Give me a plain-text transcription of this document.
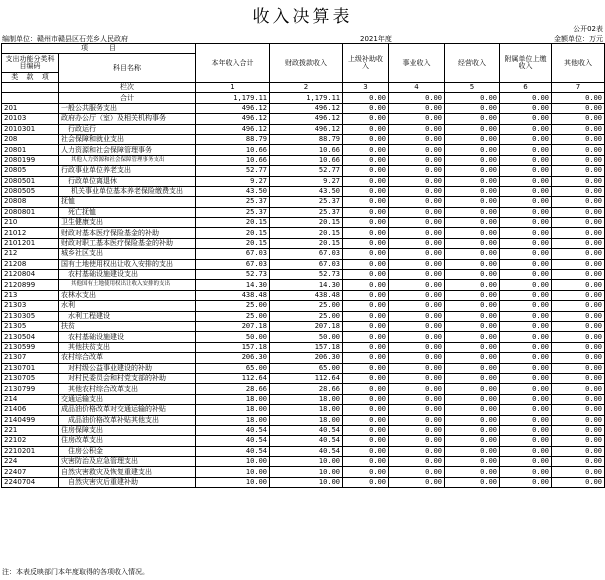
收入决算表
公开02表
编制单位：赣州市赣县区石芫乡人民政府	2021年度	金额单位：万元
项　　　目		本年收入合计	财政拨款收入	上级补助收入	事业收入	经营收入	附属单位上缴收入	其他收入
支出功能分类科目编码	科目名称							
类 款 项								
	栏次	1	2	3	4	5	6	7
	合计	1,179.11	1,179.11	0.00	0.00	0.00	0.00	0.00
201	一般公共服务支出	496.12	496.12	0.00	0.00	0.00	0.00	0.00
20103	政府办公厅（室）及相关机构事务	496.12	496.12	0.00	0.00	0.00	0.00	0.00
2010301	行政运行	496.12	496.12	0.00	0.00	0.00	0.00	0.00
208	社会保障和就业支出	88.79	88.79	0.00	0.00	0.00	0.00	0.00
20801	人力资源和社会保障管理事务	10.66	10.66	0.00	0.00	0.00	0.00	0.00
2080199	其他人力资源和社会保障管理事务支出	10.66	10.66	0.00	0.00	0.00	0.00	0.00
20805	行政事业单位养老支出	52.77	52.77	0.00	0.00	0.00	0.00	0.00
2080501	行政单位离退休	9.27	9.27	0.00	0.00	0.00	0.00	0.00
2080505	机关事业单位基本养老保险缴费支出	43.50	43.50	0.00	0.00	0.00	0.00	0.00
20808	抚恤	25.37	25.37	0.00	0.00	0.00	0.00	0.00
2080801	死亡抚恤	25.37	25.37	0.00	0.00	0.00	0.00	0.00
210	卫生健康支出	20.15	20.15	0.00	0.00	0.00	0.00	0.00
21012	财政对基本医疗保险基金的补助	20.15	20.15	0.00	0.00	0.00	0.00	0.00
2101201	财政对职工基本医疗保险基金的补助	20.15	20.15	0.00	0.00	0.00	0.00	0.00
212	城乡社区支出	67.03	67.03	0.00	0.00	0.00	0.00	0.00
21208	国有土地使用权出让收入安排的支出	67.03	67.03	0.00	0.00	0.00	0.00	0.00
2120804	农村基础设施建设支出	52.73	52.73	0.00	0.00	0.00	0.00	0.00
2120899	其他国有土地使用权出让收入安排的支出	14.30	14.30	0.00	0.00	0.00	0.00	0.00
213	农林水支出	438.48	438.48	0.00	0.00	0.00	0.00	0.00
21303	水利	25.00	25.00	0.00	0.00	0.00	0.00	0.00
2130305	水利工程建设	25.00	25.00	0.00	0.00	0.00	0.00	0.00
21305	扶贫	207.18	207.18	0.00	0.00	0.00	0.00	0.00
2130504	农村基础设施建设	50.00	50.00	0.00	0.00	0.00	0.00	0.00
2130599	其他扶贫支出	157.18	157.18	0.00	0.00	0.00	0.00	0.00
21307	农村综合改革	206.30	206.30	0.00	0.00	0.00	0.00	0.00
2130701	对村级公益事业建设的补助	65.00	65.00	0.00	0.00	0.00	0.00	0.00
2130705	对村民委员会和村党支部的补助	112.64	112.64	0.00	0.00	0.00	0.00	0.00
2130799	其他农村综合改革支出	28.66	28.66	0.00	0.00	0.00	0.00	0.00
214	交通运输支出	18.00	18.00	0.00	0.00	0.00	0.00	0.00
21406	成品油价格改革对交通运输的补贴	18.00	18.00	0.00	0.00	0.00	0.00	0.00
2140499	成品油价格改革补贴其他支出	18.00	18.00	0.00	0.00	0.00	0.00	0.00
221	住房保障支出	40.54	40.54	0.00	0.00	0.00	0.00	0.00
22102	住房改革支出	40.54	40.54	0.00	0.00	0.00	0.00	0.00
2210201	住房公积金	40.54	40.54	0.00	0.00	0.00	0.00	0.00
224	灾害防治及应急管理支出	10.00	10.00	0.00	0.00	0.00	0.00	0.00
22407	自然灾害救灾及恢复重建支出	10.00	10.00	0.00	0.00	0.00	0.00	0.00
2240704	自然灾害灾后重建补助	10.00	10.00	0.00	0.00	0.00	0.00	0.00
注：本表反映部门本年度取得的各项收入情况。
